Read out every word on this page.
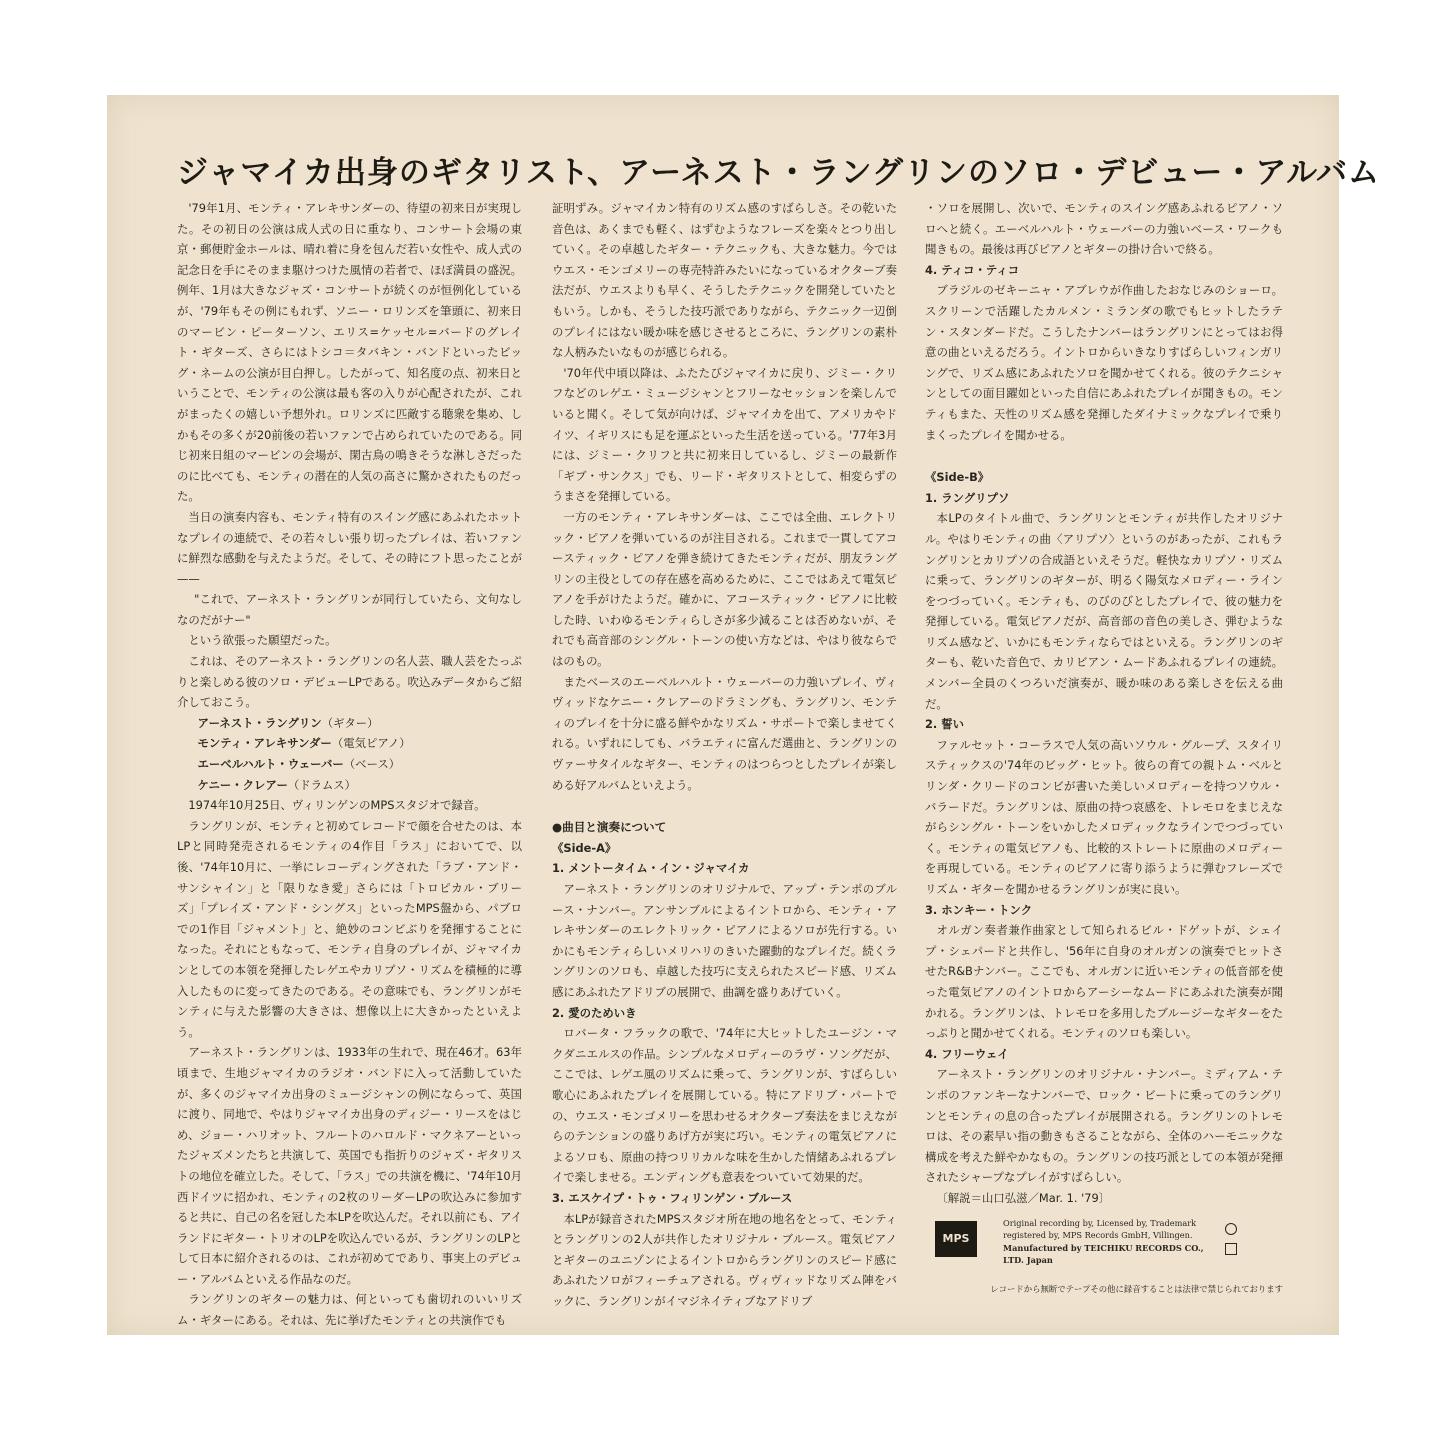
ジャマイカ出身のギタリスト、アーネスト・ラングリンのソロ・デビュー・アルバム

'79年1月、モンティ・アレキサンダーの、待望の初来日が実現した。その初日の公演は成人式の日に重なり、コンサート会場の東京・郵便貯金ホールは、晴れ着に身を包んだ若い女性や、成人式の記念日を手にそのまま駆けつけた風情の若者で、ほぼ満員の盛況。例年、1月は大きなジャズ・コンサートが続くのが恒例化しているが、'79年もその例にもれず、ソニー・ロリンズを筆頭に、初来日のマービン・ピーターソン、エリス=ケッセル=バードのグレイト・ギターズ、さらにはトシコ＝タバキン・バンドといったビッグ・ネームの公演が目白押し。したがって、知名度の点、初来日ということで、モンティの公演は最も客の入りが心配されたが、これがまったくの嬉しい予想外れ。ロリンズに匹敵する聴衆を集め、しかもその多くが20前後の若いファンで占められていたのである。同じ初来日組のマービンの会場が、閑古鳥の鳴きそうな淋しさだったのに比べても、モンティの潜在的人気の高さに驚かされたものだった。

当日の演奏内容も、モンティ特有のスイング感にあふれたホットなプレイの連続で、その若々しい張り切ったプレイは、若いファンに鮮烈な感動を与えたようだ。そして、その時にフト思ったことが——

"これで、アーネスト・ラングリンが同行していたら、文句なしなのだがナー"

という欲張った願望だった。

これは、そのアーネスト・ラングリンの名人芸、職人芸をたっぷりと楽しめる彼のソロ・デビューLPである。吹込みデータからご紹介しておこう。

アーネスト・ラングリン（ギター）
モンティ・アレキサンダー（電気ピアノ）
エーベルハルト・ウェーバー（ベース）
ケニー・クレアー（ドラムス）

1974年10月25日、ヴィリンゲンのMPSスタジオで録音。

ラングリンが、モンティと初めてレコードで顔を合せたのは、本LPと同時発売されるモンティの4作目「ラス」においてで、以後、'74年10月に、一挙にレコーディングされた「ラブ・アンド・サンシャイン」と「限りなき愛」さらには「トロピカル・ブリーズ」「プレイズ・アンド・シングス」といったMPS盤から、パブロでの1作目「ジャメント」と、絶妙のコンビぶりを発揮することになった。それにともなって、モンティ自身のプレイが、ジャマイカンとしての本領を発揮したレゲエやカリプソ・リズムを積極的に導入したものに変ってきたのである。その意味でも、ラングリンがモンティに与えた影響の大きさは、想像以上に大きかったといえよう。

アーネスト・ラングリンは、1933年の生れで、現在46才。63年頃まで、生地ジャマイカのラジオ・バンドに入って活動していたが、多くのジャマイカ出身のミュージシャンの例にならって、英国に渡り、同地で、やはりジャマイカ出身のディジー・リースをはじめ、ジョー・ハリオット、フルートのハロルド・マクネアーといったジャズメンたちと共演して、英国でも指折りのジャズ・ギタリストの地位を確立した。そして、「ラス」での共演を機に、'74年10月西ドイツに招かれ、モンティの2枚のリーダーLPの吹込みに参加すると共に、自己の名を冠した本LPを吹込んだ。それ以前にも、アイランドにギター・トリオのLPを吹込んでいるが、ラングリンのLPとして日本に紹介されるのは、これが初めてであり、事実上のデビュー・アルバムといえる作品なのだ。

ラングリンのギターの魅力は、何といっても歯切れのいいリズム・ギターにある。それは、先に挙げたモンティとの共演作でも

証明ずみ。ジャマイカン特有のリズム感のすばらしさ。その乾いた音色は、あくまでも軽く、はずむようなフレーズを楽々とつり出していく。その卓越したギター・テクニックも、大きな魅力。今ではウエス・モンゴメリーの専売特許みたいになっているオクターブ奏法だが、ウエスよりも早く、そうしたテクニックを開発していたともいう。しかも、そうした技巧派でありながら、テクニック一辺倒のプレイにはない暖か味を感じさせるところに、ラングリンの素朴な人柄みたいなものが感じられる。

'70年代中頃以降は、ふたたびジャマイカに戻り、ジミー・クリフなどのレゲエ・ミュージシャンとフリーなセッションを楽しんでいると聞く。そして気が向けば、ジャマイカを出て、アメリカやドイツ、イギリスにも足を運ぶといった生活を送っている。'77年3月には、ジミー・クリフと共に初来日しているし、ジミーの最新作「ギブ・サンクス」でも、リード・ギタリストとして、相変らずのうまさを発揮している。

一方のモンティ・アレキサンダーは、ここでは全曲、エレクトリック・ピアノを弾いているのが注目される。これまで一貫してアコースティック・ピアノを弾き続けてきたモンティだが、朋友ラングリンの主役としての存在感を高めるために、ここではあえて電気ピアノを手がけたようだ。確かに、アコースティック・ピアノに比較した時、いわゆるモンティらしさが多少減ることは否めないが、それでも高音部のシングル・トーンの使い方などは、やはり彼ならではのもの。

またベースのエーベルハルト・ウェーバーの力強いプレイ、ヴィヴィッドなケニー・クレアーのドラミングも、ラングリン、モンティのプレイを十分に盛る鮮やかなリズム・サポートで楽しませてくれる。いずれにしても、バラエティに富んだ選曲と、ラングリンのヴァーサタイルなギター、モンティのはつらつとしたプレイが楽しめる好アルバムといえよう。

●曲目と演奏について
《Side-A》
1. メントータイム・イン・ジャマイカ

アーネスト・ラングリンのオリジナルで、アップ・テンポのブルース・ナンバー。アンサンブルによるイントロから、モンティ・アレキサンダーのエレクトリック・ピアノによるソロが先行する。いかにもモンティらしいメリハリのきいた躍動的なプレイだ。続くラングリンのソロも、卓越した技巧に支えられたスピード感、リズム感にあふれたアドリブの展開で、曲調を盛りあげていく。

2. 愛のためいき

ロバータ・フラックの歌で、'74年に大ヒットしたユージン・マクダニエルスの作品。シンプルなメロディーのラヴ・ソングだが、ここでは、レゲエ風のリズムに乗って、ラングリンが、すばらしい歌心にあふれたプレイを展開している。特にアドリブ・パートでの、ウエス・モンゴメリーを思わせるオクターブ奏法をまじえながらのテンションの盛りあげ方が実に巧い。モンティの電気ピアノによるソロも、原曲の持つリリカルな味を生かした情緒あふれるプレイで楽しませる。エンディングも意表をついていて効果的だ。

3. エスケイプ・トゥ・フィリンゲン・ブルース

本LPが録音されたMPSスタジオ所在地の地名をとって、モンティとラングリンの2人が共作したオリジナル・ブルース。電気ピアノとギターのユニゾンによるイントロからラングリンのスピード感にあふれたソロがフィーチュアされる。ヴィヴィッドなリズム陣をバックに、ラングリンがイマジネイティブなアドリブ

・ソロを展開し、次いで、モンティのスイング感あふれるピアノ・ソロへと続く。エーベルハルト・ウェーバーの力強いベース・ワークも聞きもの。最後は再びピアノとギターの掛け合いで終る。

4. ティコ・ティコ

ブラジルのゼキーニャ・アブレウが作曲したおなじみのショーロ。スクリーンで活躍したカルメン・ミランダの歌でもヒットしたラテン・スタンダードだ。こうしたナンバーはラングリンにとってはお得意の曲といえるだろう。イントロからいきなりすばらしいフィンガリングで、リズム感にあふれたソロを聞かせてくれる。彼のテクニシャンとしての面目躍如といった自信にあふれたプレイが聞きもの。モンティもまた、天性のリズム感を発揮したダイナミックなプレイで乗りまくったプレイを聞かせる。

《Side-B》
1. ラングリプソ

本LPのタイトル曲で、ラングリンとモンティが共作したオリジナル。やはりモンティの曲〈アリプソ〉というのがあったが、これもラングリンとカリプソの合成語といえそうだ。軽快なカリプソ・リズムに乗って、ラングリンのギターが、明るく陽気なメロディー・ラインをつづっていく。モンティも、のびのびとしたプレイで、彼の魅力を発揮している。電気ピアノだが、高音部の音色の美しさ、弾むようなリズム感など、いかにもモンティならではといえる。ラングリンのギターも、乾いた音色で、カリビアン・ムードあふれるプレイの連続。メンバー全員のくつろいだ演奏が、暖か味のある楽しさを伝える曲だ。

2. 誓い

ファルセット・コーラスで人気の高いソウル・グループ、スタイリスティックスの'74年のビッグ・ヒット。彼らの育ての親トム・ベルとリンダ・クリードのコンビが書いた美しいメロディーを持つソウル・バラードだ。ラングリンは、原曲の持つ哀感を、トレモロをまじえながらシングル・トーンをいかしたメロディックなラインでつづっていく。モンティの電気ピアノも、比較的ストレートに原曲のメロディーを再現している。モンティのピアノに寄り添うように弾むフレーズでリズム・ギターを聞かせるラングリンが実に良い。

3. ホンキー・トンク

オルガン奏者兼作曲家として知られるビル・ドゲットが、シェイプ・シェパードと共作し、'56年に自身のオルガンの演奏でヒットさせたR&Bナンバー。ここでも、オルガンに近いモンティの低音部を使った電気ピアノのイントロからアーシーなムードにあふれた演奏が聞かれる。ラングリンは、トレモロを多用したブルージーなギターをたっぷりと聞かせてくれる。モンティのソロも楽しい。

4. フリーウェイ

アーネスト・ラングリンのオリジナル・ナンバー。ミディアム・テンポのファンキーなナンバーで、ロック・ビートに乗ってのラングリンとモンティの息の合ったプレイが展開される。ラングリンのトレモロは、その素早い指の動きもさることながら、全体のハーモニックな構成を考えた鮮やかなもの。ラングリンの技巧派としての本領が発揮されたシャープなプレイがすばらしい。

〔解説＝山口弘滋／Mar. 1. '79〕

MPS
Original recording by, Licensed by, Trademark
registered by, MPS Records GmbH, Villingen.
Manufactured by TEICHIKU RECORDS CO.,
LTD. Japan
レコードから無断でテープその他に録音することは法律で禁じられております
